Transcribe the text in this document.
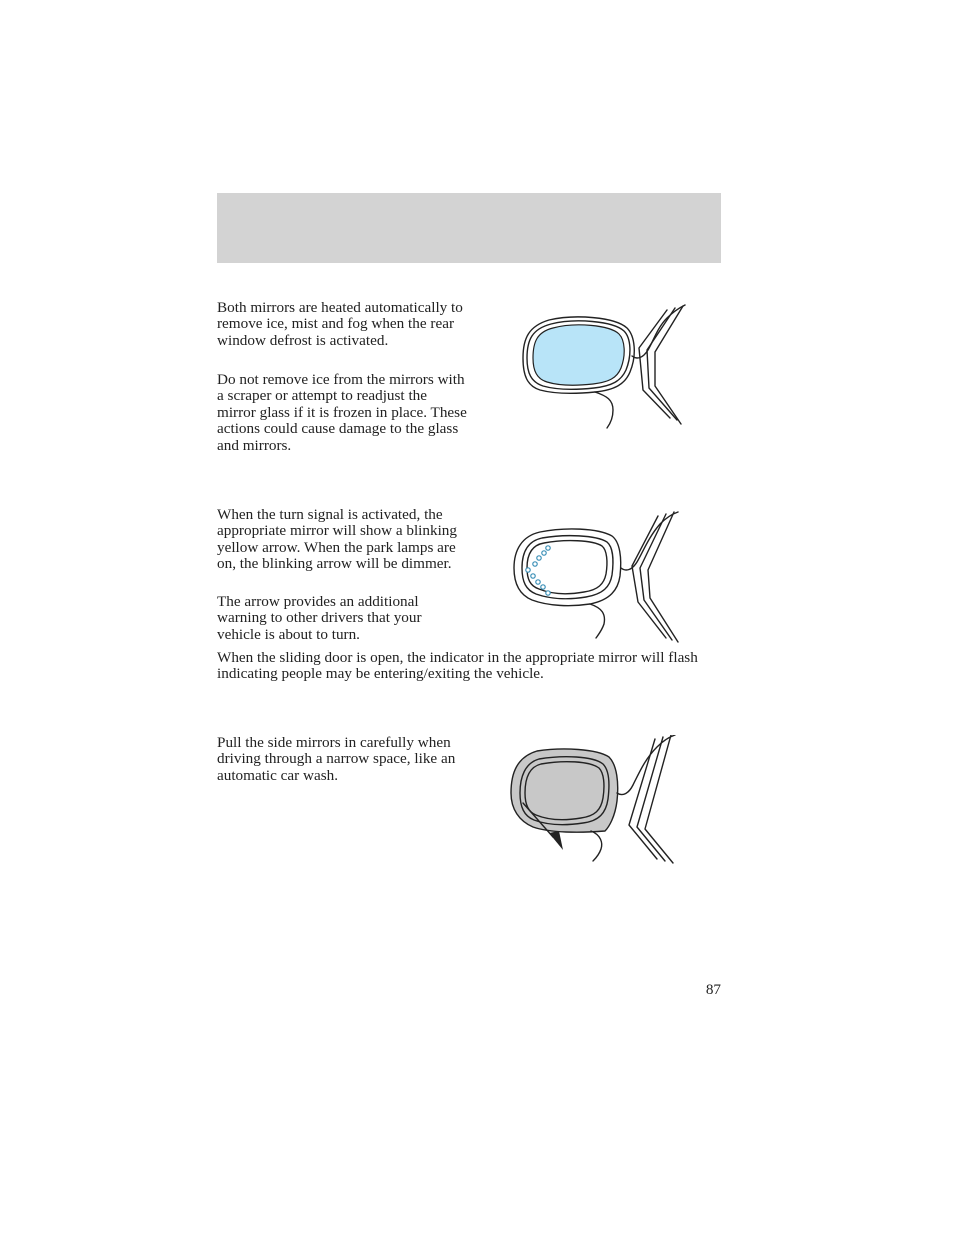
Both mirrors are heated automatically to remove ice, mist and fog when the rear window defrost is activated.

Do not remove ice from the mirrors with a scraper or attempt to readjust the mirror glass if it is frozen in place. These actions could cause damage to the glass and mirrors.

When the turn signal is activated, the appropriate mirror will show a blinking yellow arrow. When the park lamps are on, the blinking arrow will be dimmer.

The arrow provides an additional warning to other drivers that your vehicle is about to turn.

When the sliding door is open, the indicator in the appropriate mirror will flash indicating people may be entering/exiting the vehicle.

Pull the side mirrors in carefully when driving through a narrow space, like an automatic car wash.

87
